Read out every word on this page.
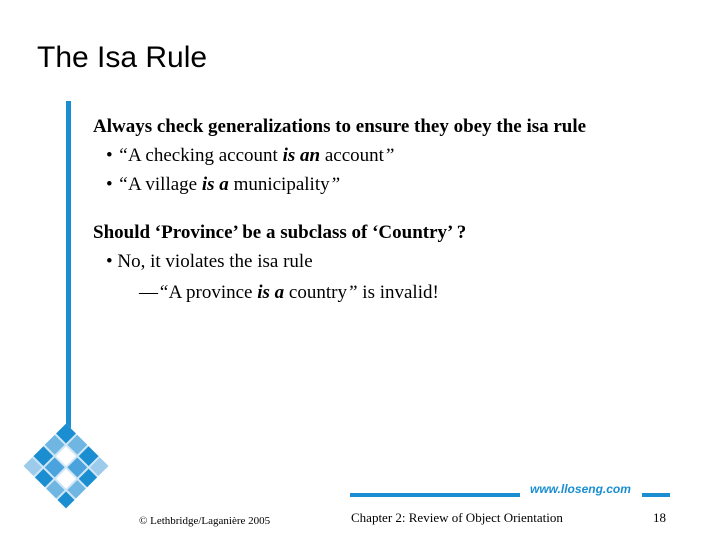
The Isa Rule

Always check generalizations to ensure they obey the isa rule

• “A checking account is an account”
• “A village is a municipality”

Should ‘Province’ be a subclass of ‘Country’ ?

• No, it violates the isa rule
—“A province is a country” is invalid!
www.lloseng.com
© Lethbridge/Laganière 2005	Chapter 2: Review of Object Orientation	18
